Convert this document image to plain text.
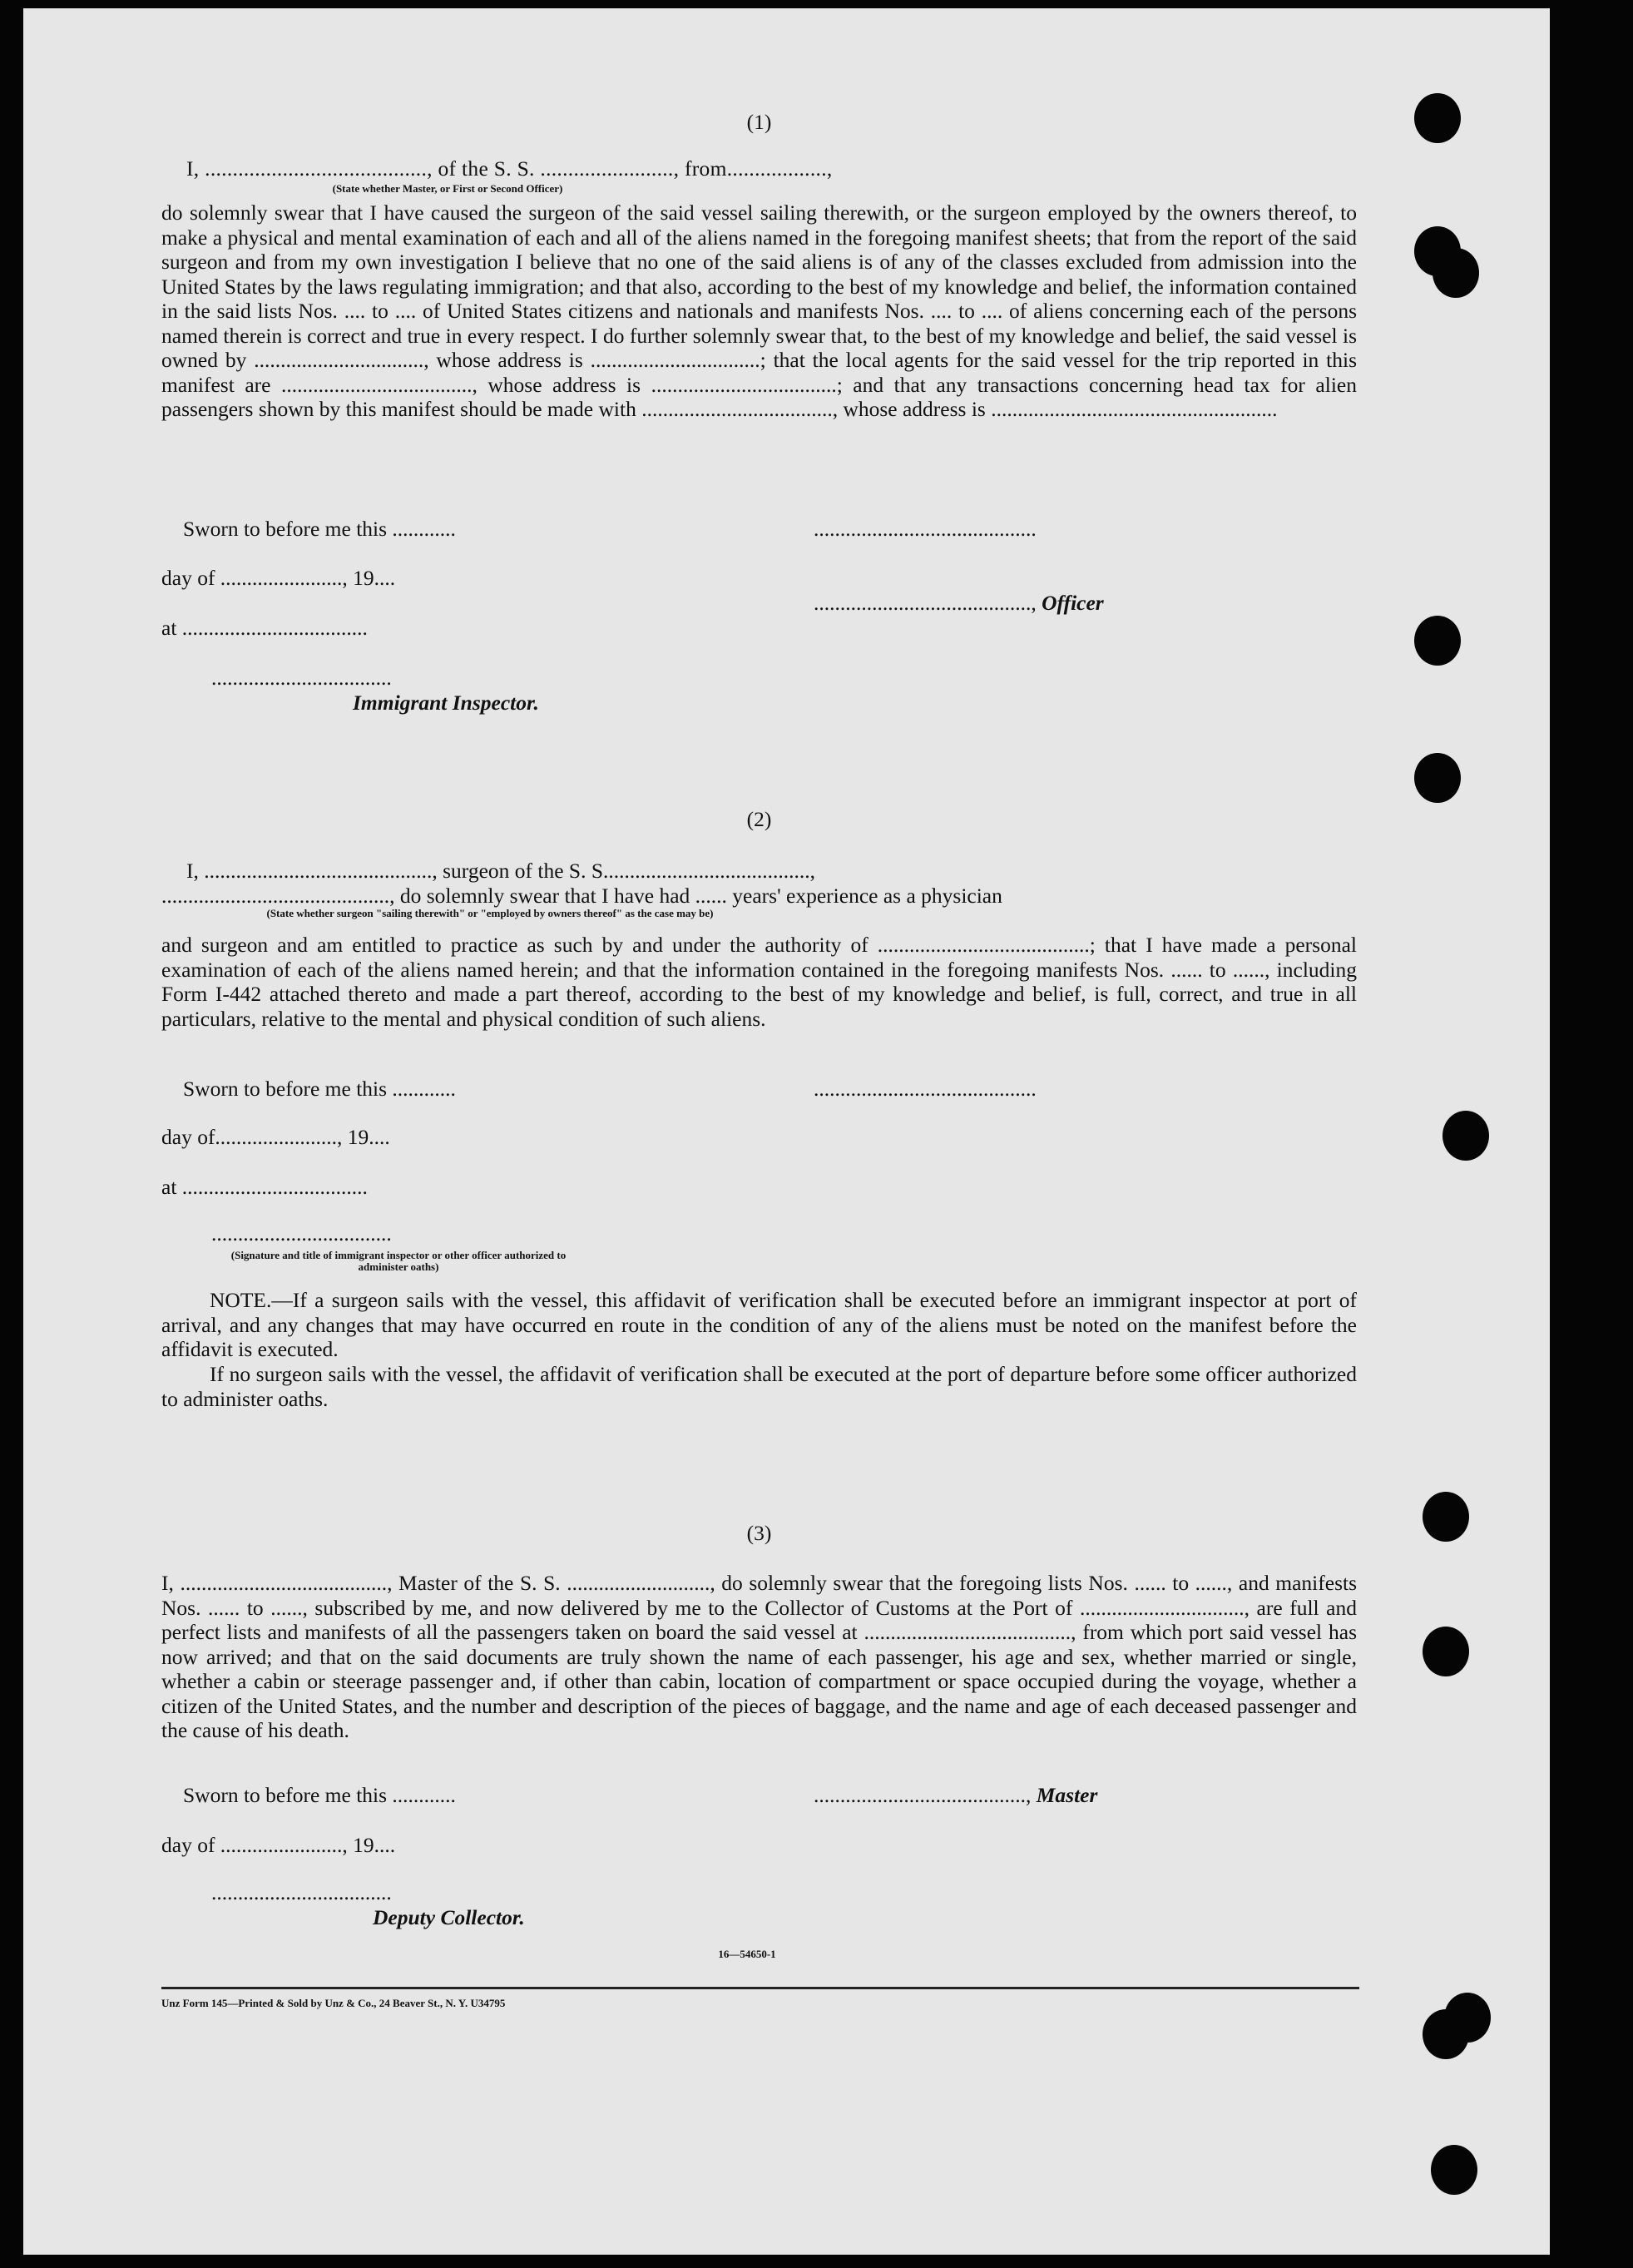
(1)
I, ........................................, of the S. S. ........................, from..................,
(State whether Master, or First or Second Officer)

do solemnly swear that I have caused the surgeon of the said vessel sailing therewith, or the surgeon employed by the owners thereof, to make a physical and mental examination of each and all of the aliens named in the foregoing manifest sheets; that from the report of the said surgeon and from my own investigation I believe that no one of the said aliens is of any of the classes excluded from admission into the United States by the laws regulating immigration; and that also, according to the best of my knowledge and belief, the information contained in the said lists Nos. .... to .... of United States citizens and nationals and manifests Nos. .... to .... of aliens concerning each of the persons named therein is correct and true in every respect. I do further solemnly swear that, to the best of my knowledge and belief, the said vessel is owned by ................................, whose address is ................................; that the local agents for the said vessel for the trip reported in this manifest are ...................................., whose address is ...................................; and that any transactions concerning head tax for alien passengers shown by this manifest should be made with ...................................., whose address is ......................................................

Sworn to before me this ............	..........................................
day of ......................., 19....
........................................., Officer
at ...................................
..................................
Immigrant Inspector.
(2)
I, ..........................................., surgeon of the S. S.......................................,
..........................................., do solemnly swear that I have had ...... years' experience as a physician
(State whether surgeon "sailing therewith" or "employed by owners thereof" as the case may be)

and surgeon and am entitled to practice as such by and under the authority of ........................................; that I have made a personal examination of each of the aliens named herein; and that the information contained in the foregoing manifests Nos. ...... to ......, including Form I-442 attached thereto and made a part thereof, according to the best of my knowledge and belief, is full, correct, and true in all particulars, relative to the mental and physical condition of such aliens.

Sworn to before me this ............	..........................................
day of......................., 19....
at ...................................
..................................
(Signature and title of immigrant inspector or other officer authorized to administer oaths)

NOTE.—If a surgeon sails with the vessel, this affidavit of verification shall be executed before an immigrant inspector at port of arrival, and any changes that may have occurred en route in the condition of any of the aliens must be noted on the manifest before the affidavit is executed.

If no surgeon sails with the vessel, the affidavit of verification shall be executed at the port of departure before some officer authorized to administer oaths.

(3)

I, ......................................., Master of the S. S. ..........................., do solemnly swear that the foregoing lists Nos. ...... to ......, and manifests Nos. ...... to ......, subscribed by me, and now delivered by me to the Collector of Customs at the Port of ..............................., are full and perfect lists and manifests of all the passengers taken on board the said vessel at ......................................., from which port said vessel has now arrived; and that on the said documents are truly shown the name of each passenger, his age and sex, whether married or single, whether a cabin or steerage passenger and, if other than cabin, location of compartment or space occupied during the voyage, whether a citizen of the United States, and the number and description of the pieces of baggage, and the name and age of each deceased passenger and the cause of his death.

Sworn to before me this ............	........................................, Master
day of ......................., 19....
..................................
Deputy Collector.
16—54650-1
Unz Form 145—Printed & Sold by Unz & Co., 24 Beaver St., N. Y. U34795
